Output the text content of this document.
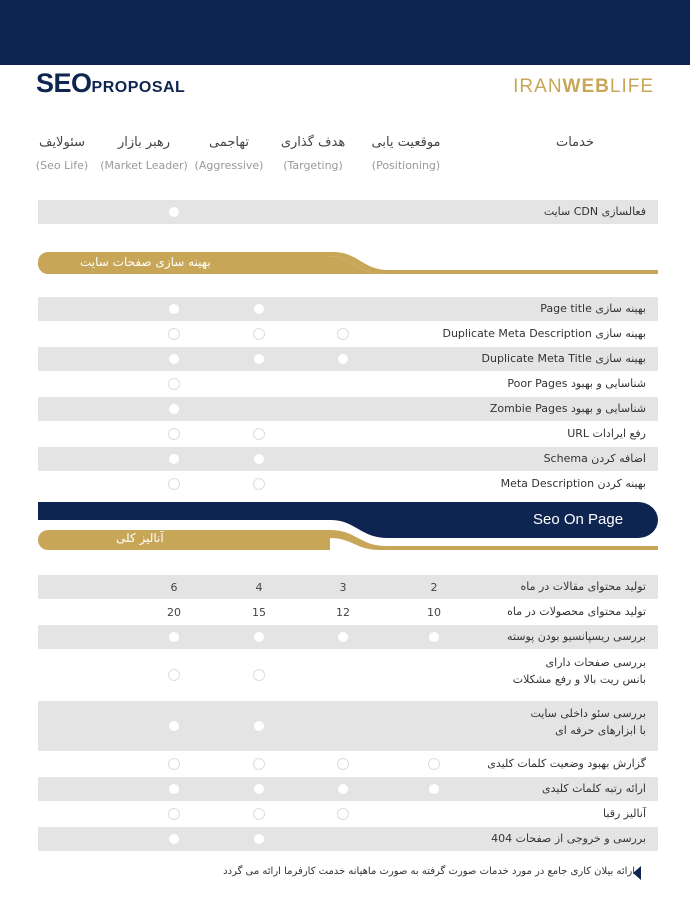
SEOPROPOSAL	IRANWEBLIFE
خدمات
موقعیت یابی
(Positioning)
هدف گذاری
(Targeting)
تهاجمی
(Aggressive)
رهبر بازار
(Market Leader)
سئولایف
(Seo Life)
فعالسازی CDN سایت
بهینه سازی صفحات سایت
بهینه سازی Page title
بهینه سازی Duplicate Meta Description
بهینه سازی Duplicate Meta Title
شناسایی و بهبود Poor Pages
شناسایی و بهبود Zombie Pages
رفع ایرادات URL
اضافه کردن Schema
بهینه کردن Meta Description
Seo On Page
آنالیز کلی
تولید محتوای مقالات در ماه
2
3
4
6
تولید محتوای محصولات در ماه
10
12
15
20
بررسی ریسپانسیو بودن پوسته
بررسی صفحات دارای
بانس ریت بالا و رفع مشکلات
بررسی سئو داخلی سایت
با ابزارهای حرفه ای
گزارش بهبود وضعیت کلمات کلیدی
ارائه رتبه کلمات کلیدی
آنالیز رقبا
بررسی و خروجی از صفحات 404
ارائه بیلان کاری جامع در مورد خدمات صورت گرفته به صورت ماهیانه خدمت کارفرما ارائه می گردد
